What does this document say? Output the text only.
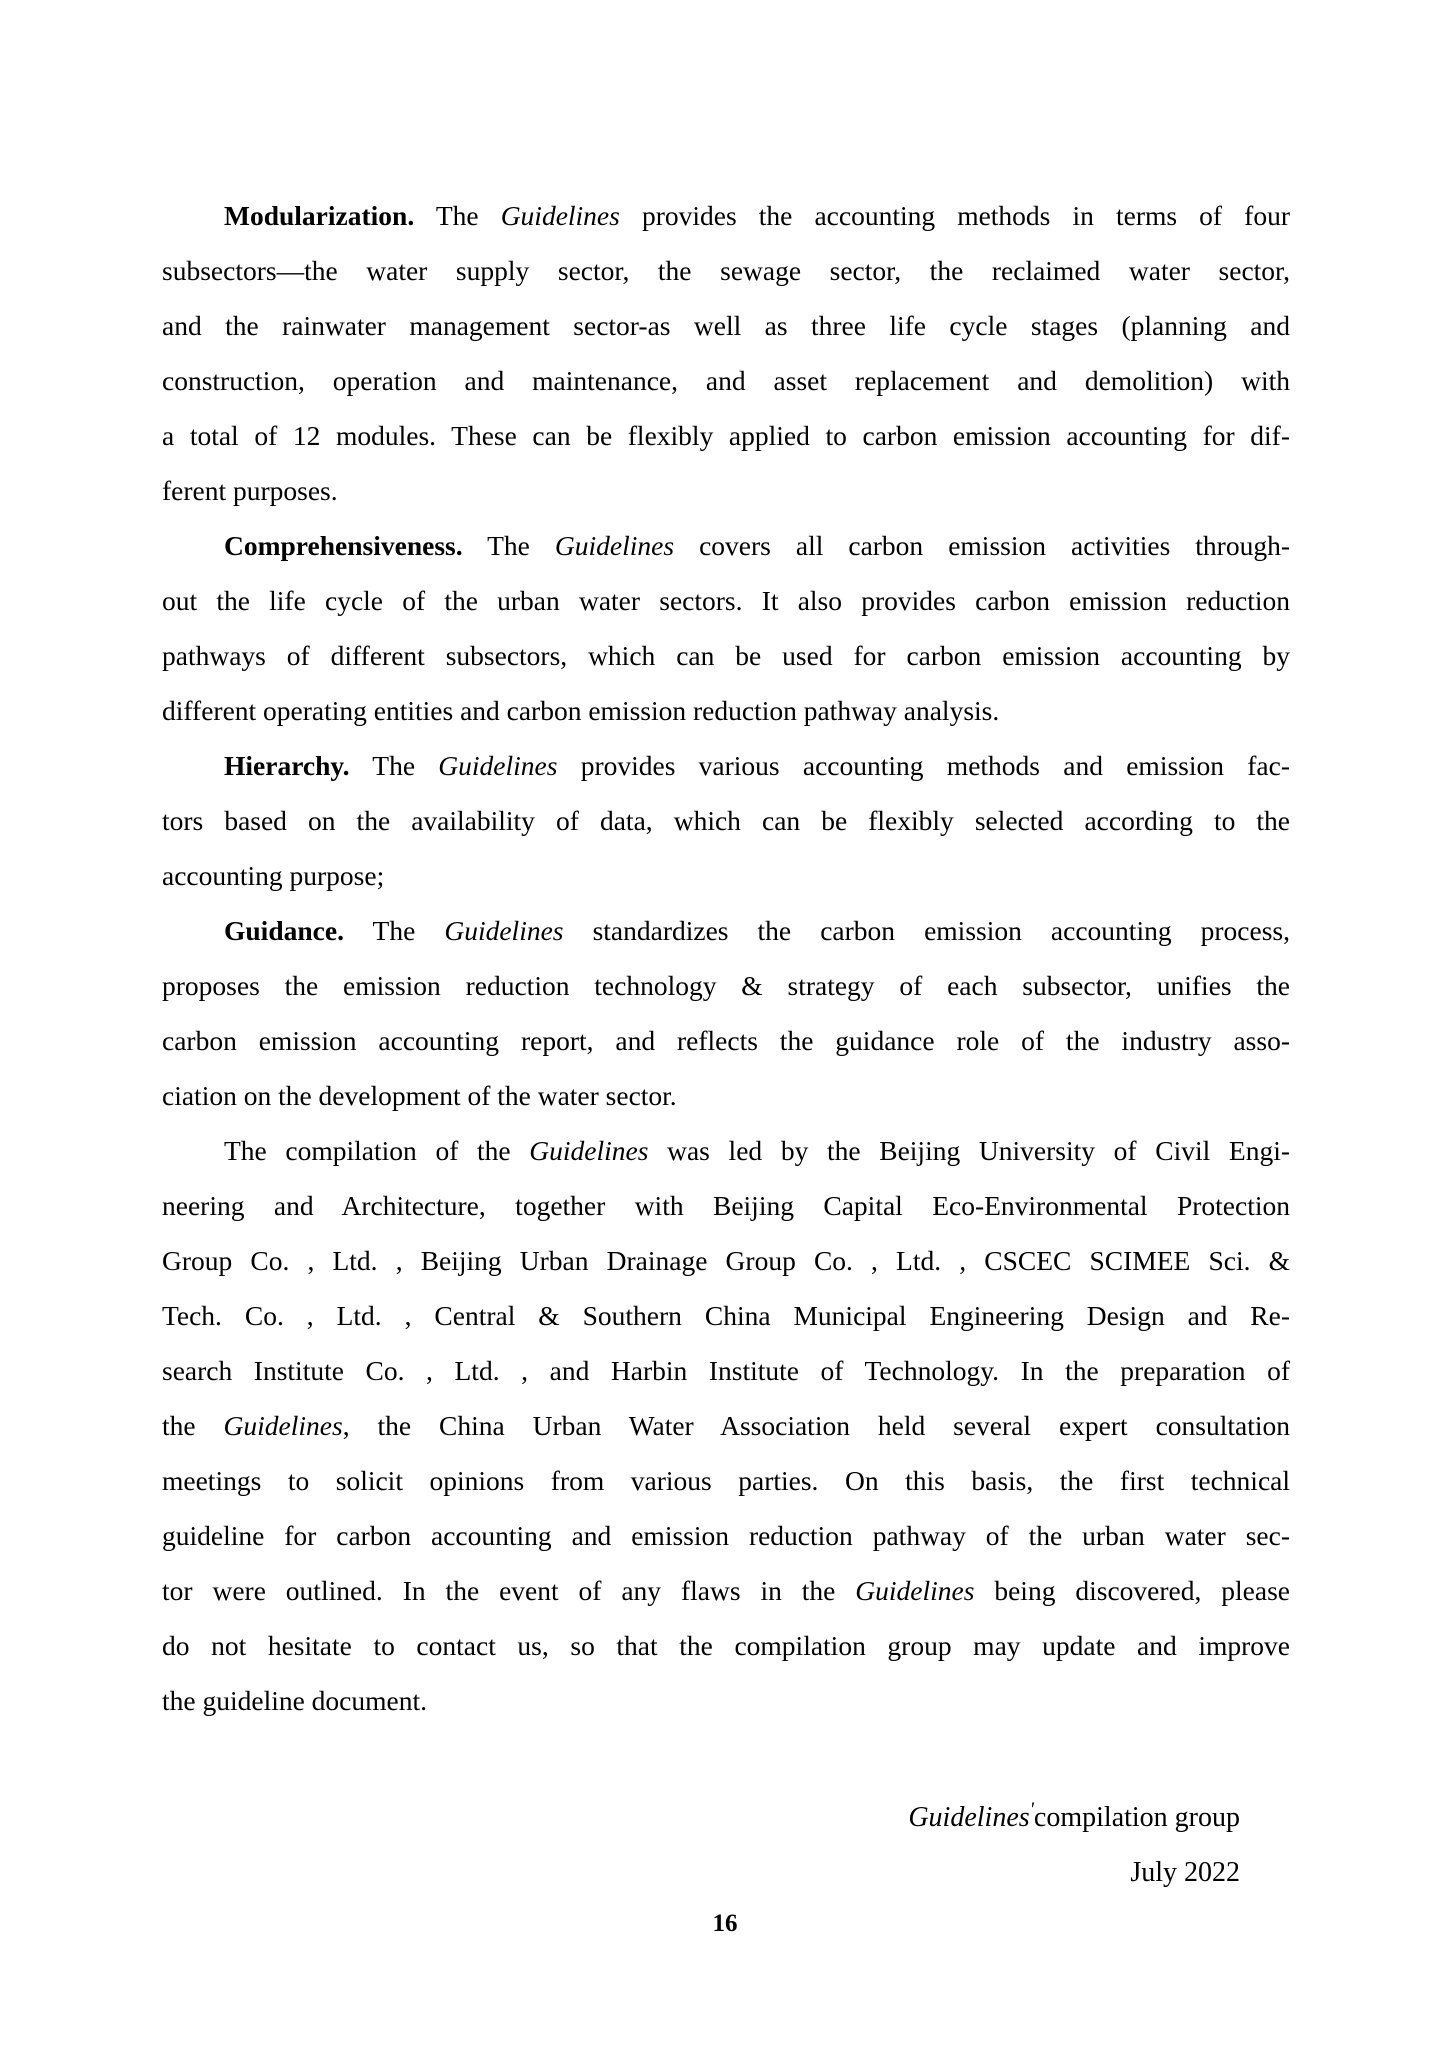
Modularization. The Guidelines provides the accounting methods in terms of four
subsectors—the water supply sector, the sewage sector, the reclaimed water sector,
and the rainwater management sector-as well as three life cycle stages (planning and
construction, operation and maintenance, and asset replacement and demolition) with
a total of 12 modules. These can be flexibly applied to carbon emission accounting for dif-
ferent purposes.
Comprehensiveness. The Guidelines covers all carbon emission activities through-
out the life cycle of the urban water sectors. It also provides carbon emission reduction
pathways of different subsectors, which can be used for carbon emission accounting by
different operating entities and carbon emission reduction pathway analysis.
Hierarchy. The Guidelines provides various accounting methods and emission fac-
tors based on the availability of data, which can be flexibly selected according to the
accounting purpose;
Guidance. The Guidelines standardizes the carbon emission accounting process,
proposes the emission reduction technology & strategy of each subsector, unifies the
carbon emission accounting report, and reflects the guidance role of the industry asso-
ciation on the development of the water sector.
The compilation of the Guidelines was led by the Beijing University of Civil Engi-
neering and Architecture, together with Beijing Capital Eco-Environmental Protection
Group Co. , Ltd. , Beijing Urban Drainage Group Co. , Ltd. , CSCEC SCIMEE Sci. &
Tech. Co. , Ltd. , Central & Southern China Municipal Engineering Design and Re-
search Institute Co. , Ltd. , and Harbin Institute of Technology. In the preparation of
the Guidelines, the China Urban Water Association held several expert consultation
meetings to solicit opinions from various parties. On this basis, the first technical
guideline for carbon accounting and emission reduction pathway of the urban water sec-
tor were outlined. In the event of any flaws in the Guidelines being discovered, please
do not hesitate to contact us, so that the compilation group may update and improve
the guideline document.
Guidelines'compilation group
July 2022
16
